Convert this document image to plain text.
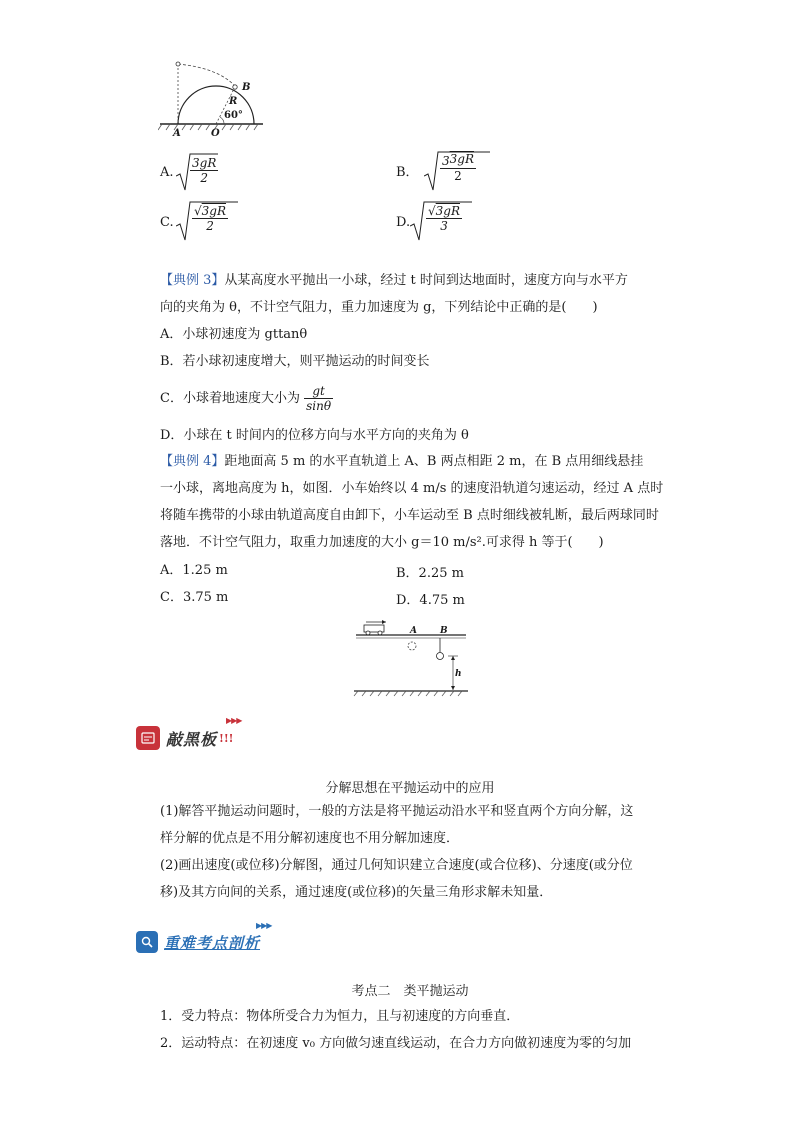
B
R
60°
A	O
A. $\frac{3gR}{2}$	B． $\frac{33gR}{2}$
C. $\frac{√3gR}{2}$	D. $\frac{√3gR}{3}$
【典例 3】从某高度水平抛出一小球，经过 t 时间到达地面时，速度方向与水平方
向的夹角为 θ，不计空气阻力，重力加速度为 g，下列结论中正确的是(　　)
A．小球初速度为 gttanθ
B．若小球初速度增大，则平抛运动的时间变长
C．小球着地速度大小为 $\frac{gt}{\sin\theta}$
D．小球在 t 时间内的位移方向与水平方向的夹角为 θ
【典例 4】距地面高 5 m 的水平直轨道上 A、B 两点相距 2 m，在 B 点用细线悬挂
一小球，离地高度为 h，如图．小车始终以 4 m/s 的速度沿轨道匀速运动，经过 A 点时
将随车携带的小球由轨道高度自由卸下，小车运动至 B 点时细线被轧断，最后两球同时
落地．不计空气阻力，取重力加速度的大小 g＝10 m/s².可求得 h 等于(　　)
A．1.25 m	B．2.25 m
C．3.75 m	D．4.75 m
A	B
h
敲黑板 !!!
▶▶▶
分解思想在平抛运动中的应用
(1)解答平抛运动问题时，一般的方法是将平抛运动沿水平和竖直两个方向分解，这
样分解的优点是不用分解初速度也不用分解加速度．
(2)画出速度(或位移)分解图，通过几何知识建立合速度(或合位移)、分速度(或分位
移)及其方向间的关系，通过速度(或位移)的矢量三角形求解未知量．
重难考点剖析
▶▶▶
考点二　类平抛运动
1．受力特点：物体所受合力为恒力，且与初速度的方向垂直．
2．运动特点：在初速度 v₀ 方向做匀速直线运动，在合力方向做初速度为零的匀加
